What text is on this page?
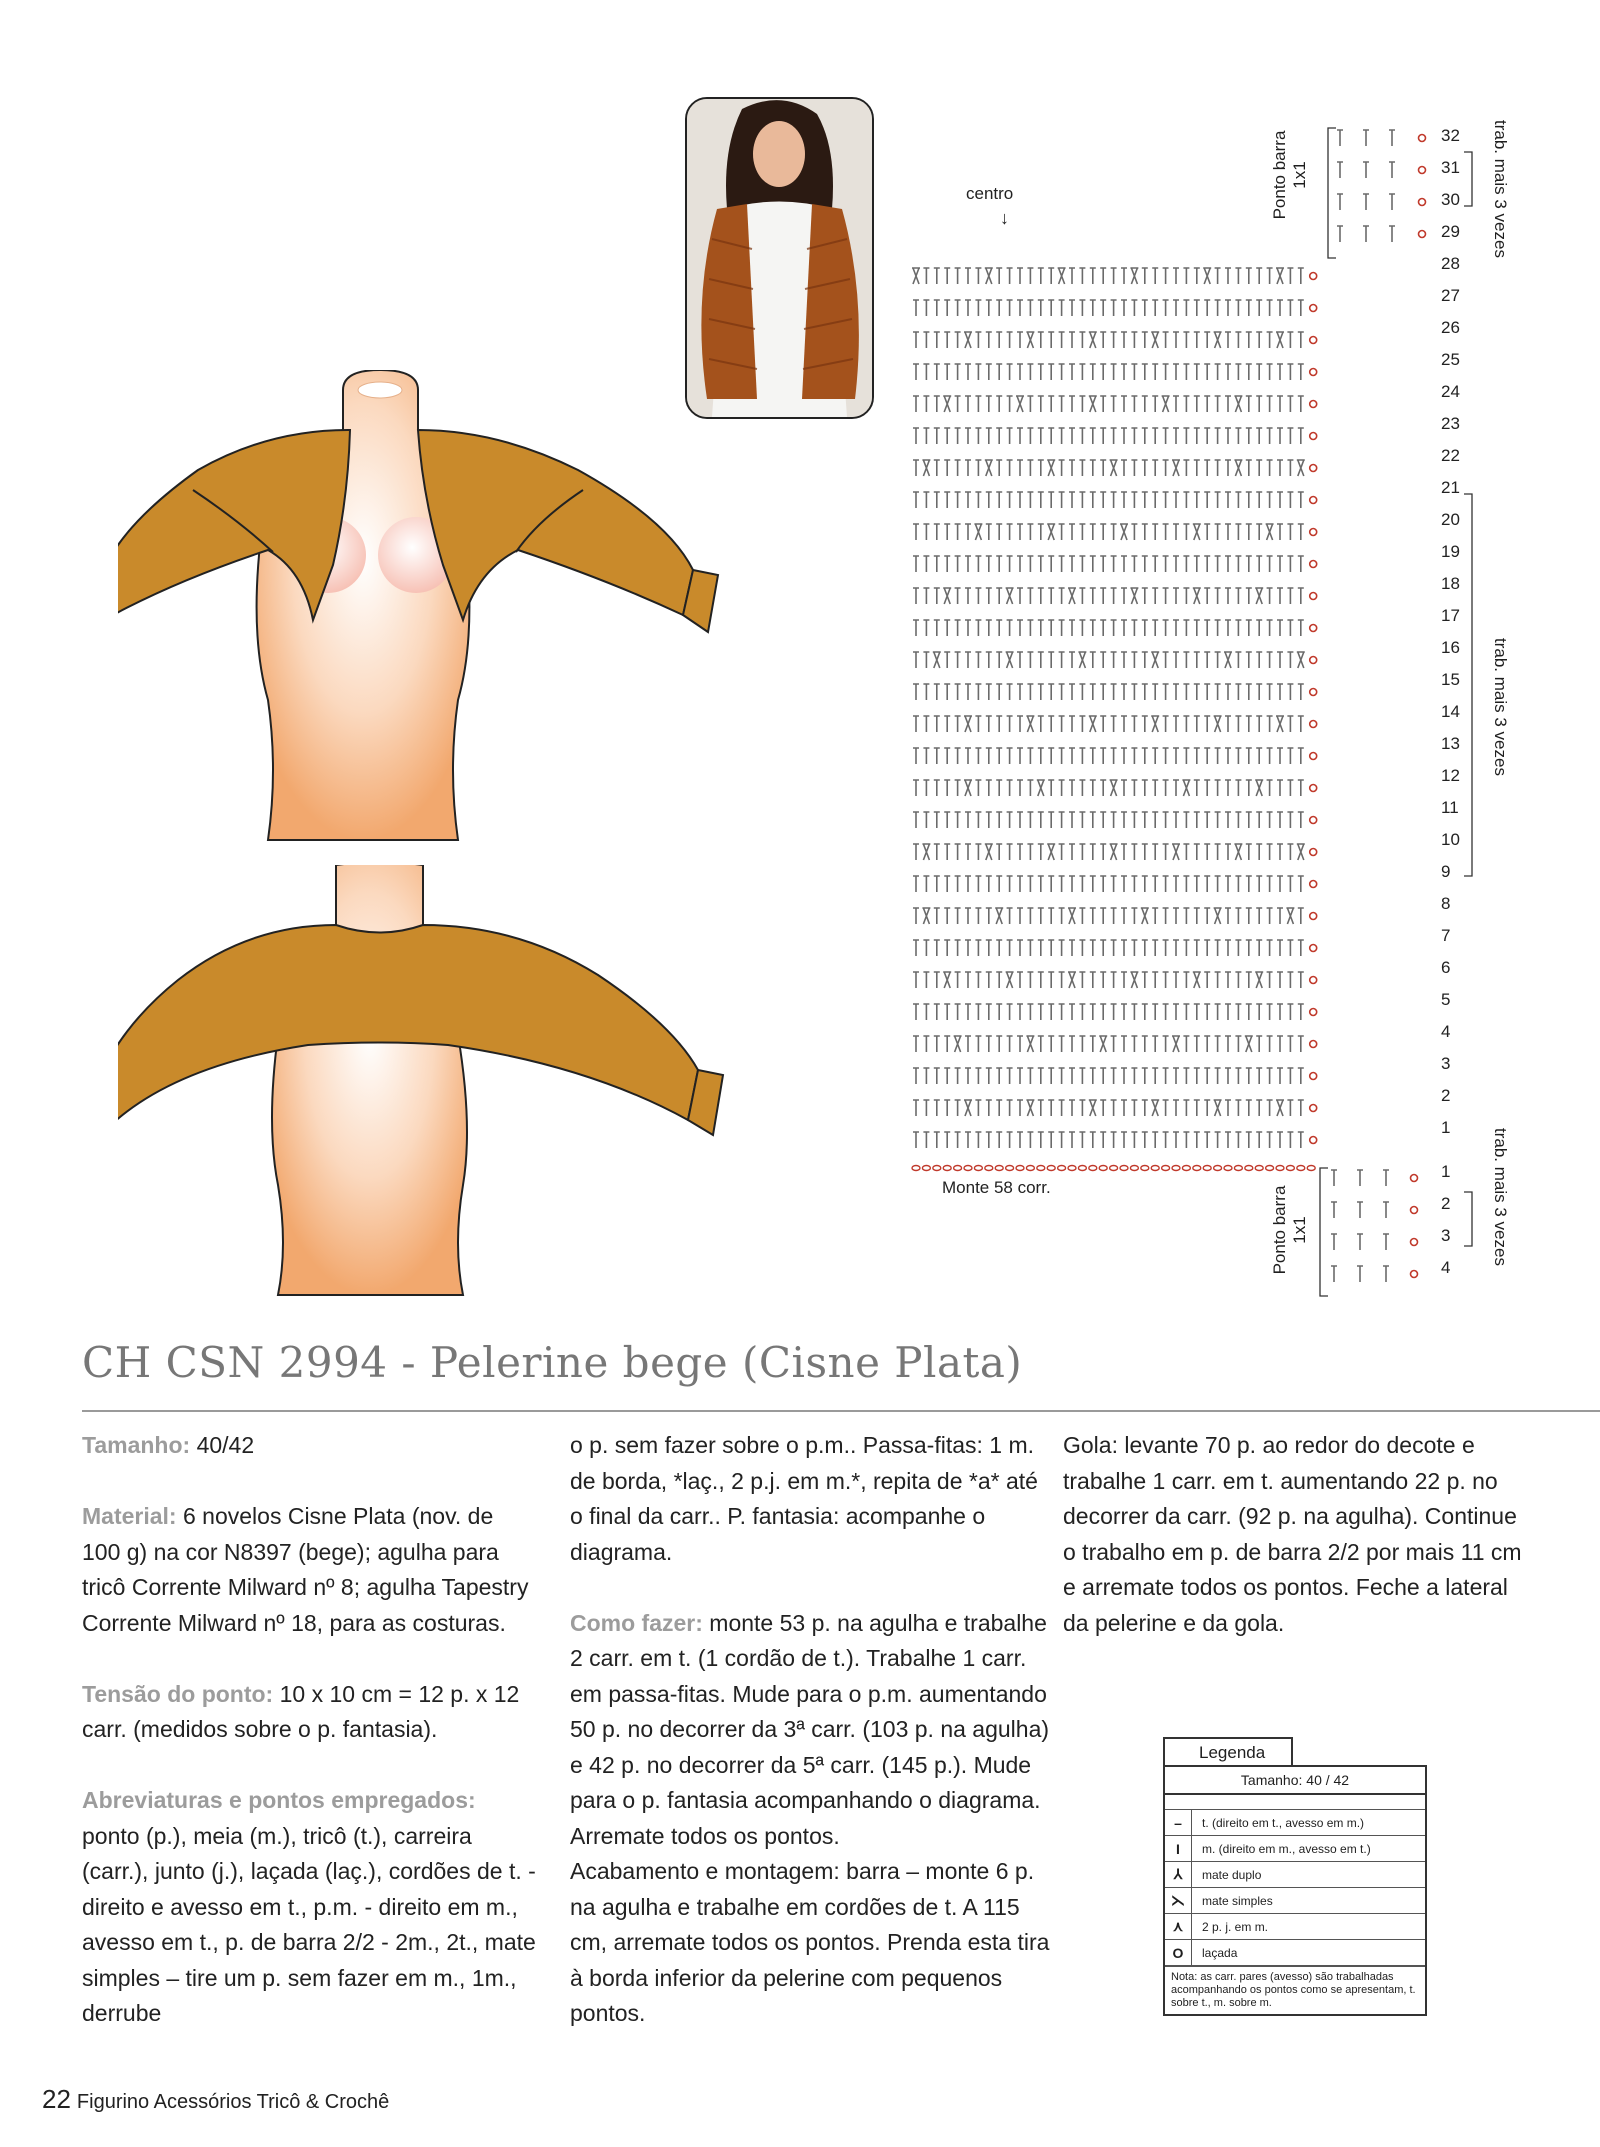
centro
↓
Monte 58 corr.
Ponto barra 1x1
Ponto barra 1x1
trab. mais 3 vezes
trab. mais 3 vezes
trab. mais 3 vezes
32
31
30
29
28
27
26
25
24
23
22
21
20
19
18
17
16
15
14
13
12
11
10
9
8
7
6
5
4
3
2
1
1
2
3
4
CH CSN 2994 - Pelerine bege (Cisne Plata)

Tamanho: 40/42

Material: 6 novelos Cisne Plata (nov. de 100 g) na cor N8397 (bege); agulha para tricô Corrente Milward nº 8; agulha Tapestry Corrente Milward nº 18, para as costuras.

Tensão do ponto: 10 x 10 cm = 12 p. x 12 carr. (medidos sobre o p. fantasia).

Abreviaturas e pontos empregados: ponto (p.), meia (m.), tricô (t.), carreira (carr.), junto (j.), laçada (laç.), cordões de t. - direito e avesso em t., p.m. - direito em m., avesso em t., p. de barra 2/2 - 2m., 2t., mate simples – tire um p. sem fazer em m., 1m., derrube

o p. sem fazer sobre o p.m.. Passa-fitas: 1 m. de borda, *laç., 2 p.j. em m.*, repita de *a* até o final da carr.. P. fantasia: acompanhe o diagrama.

Como fazer: monte 53 p. na agulha e trabalhe 2 carr. em t. (1 cordão de t.). Trabalhe 1 carr. em passa-fitas. Mude para o p.m. aumentando 50 p. no decorrer da 3ª carr. (103 p. na agulha) e 42 p. no decorrer da 5ª carr. (145 p.). Mude para o p. fantasia acompanhando o diagrama. Arremate todos os pontos.

Acabamento e montagem: barra – monte 6 p. na agulha e trabalhe em cordões de t. A 115 cm, arremate todos os pontos. Prenda esta tira à borda inferior da pelerine com pequenos pontos.

Gola: levante 70 p. ao redor do decote e trabalhe 1 carr. em t. aumentando 22 p. no decorrer da carr. (92 p. na agulha). Continue o trabalho em p. de barra 2/2 por mais 11 cm e arremate todos os pontos. Feche a lateral da pelerine e da gola.

Legenda
Tamanho: 40 / 42
–	t. (direito em t., avesso em m.)
I	m. (direito em m., avesso em t.)
⅄	mate duplo
⋋	mate simples
⋏	2 p. j. em m.
O	laçada
Nota: as carr. pares (avesso) são trabalhadas acompanhando os pontos como se apresentam, t. sobre t., m. sobre m.
22 Figurino Acessórios Tricô & Crochê
